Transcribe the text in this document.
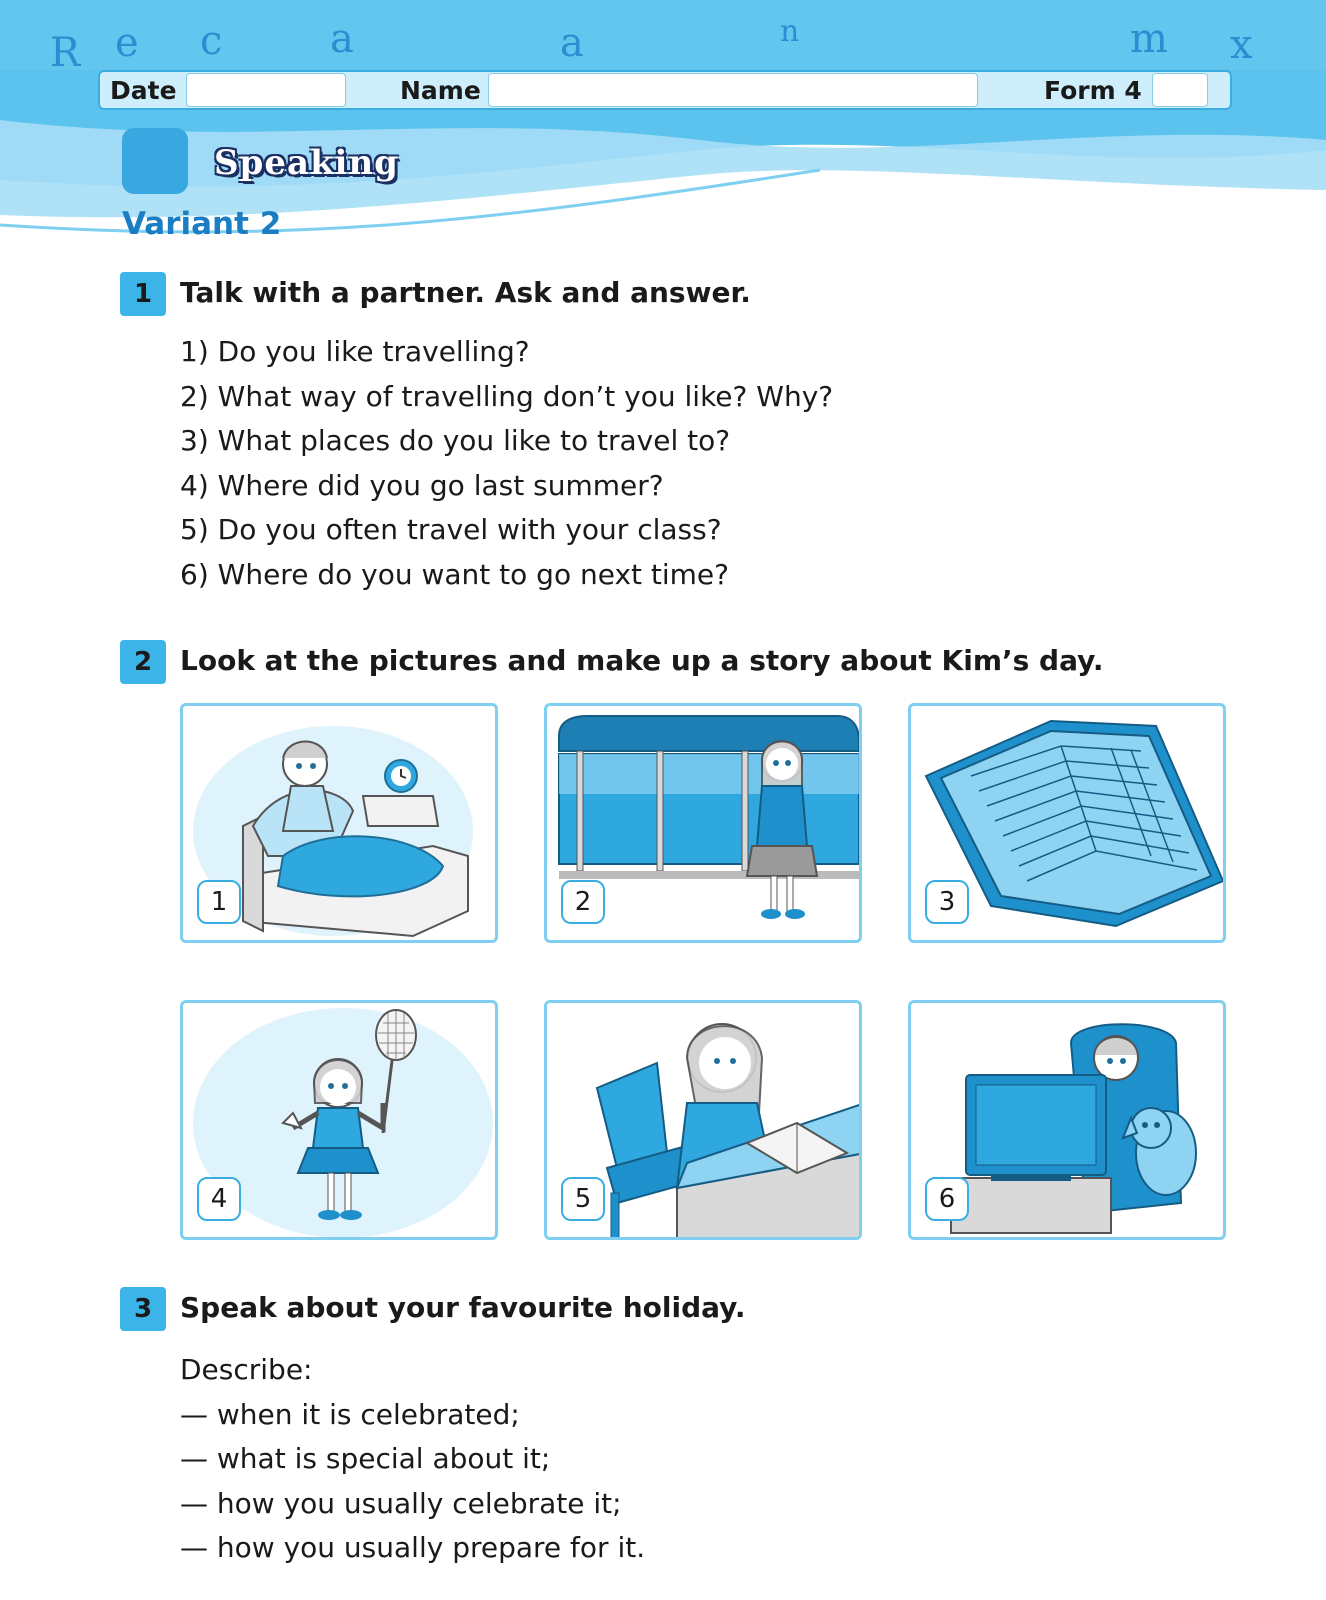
R e c	a	a	n	m x
Date	Name	Form 4
Speaking
Variant 2
1 Talk with a partner. Ask and answer.
1) Do you like travelling?
2) What way of travelling don’t you like? Why?
3) What places do you like to travel to?
4) Where did you go last summer?
5) Do you often travel with your class?
6) Where do you want to go next time?
2 Look at the pictures and make up a story about Kim’s day.
1	2	3
4	5	6
3 Speak about your favourite holiday.
Describe:
— when it is celebrated;
— what is special about it;
— how you usually celebrate it;
— how you usually prepare for it.
